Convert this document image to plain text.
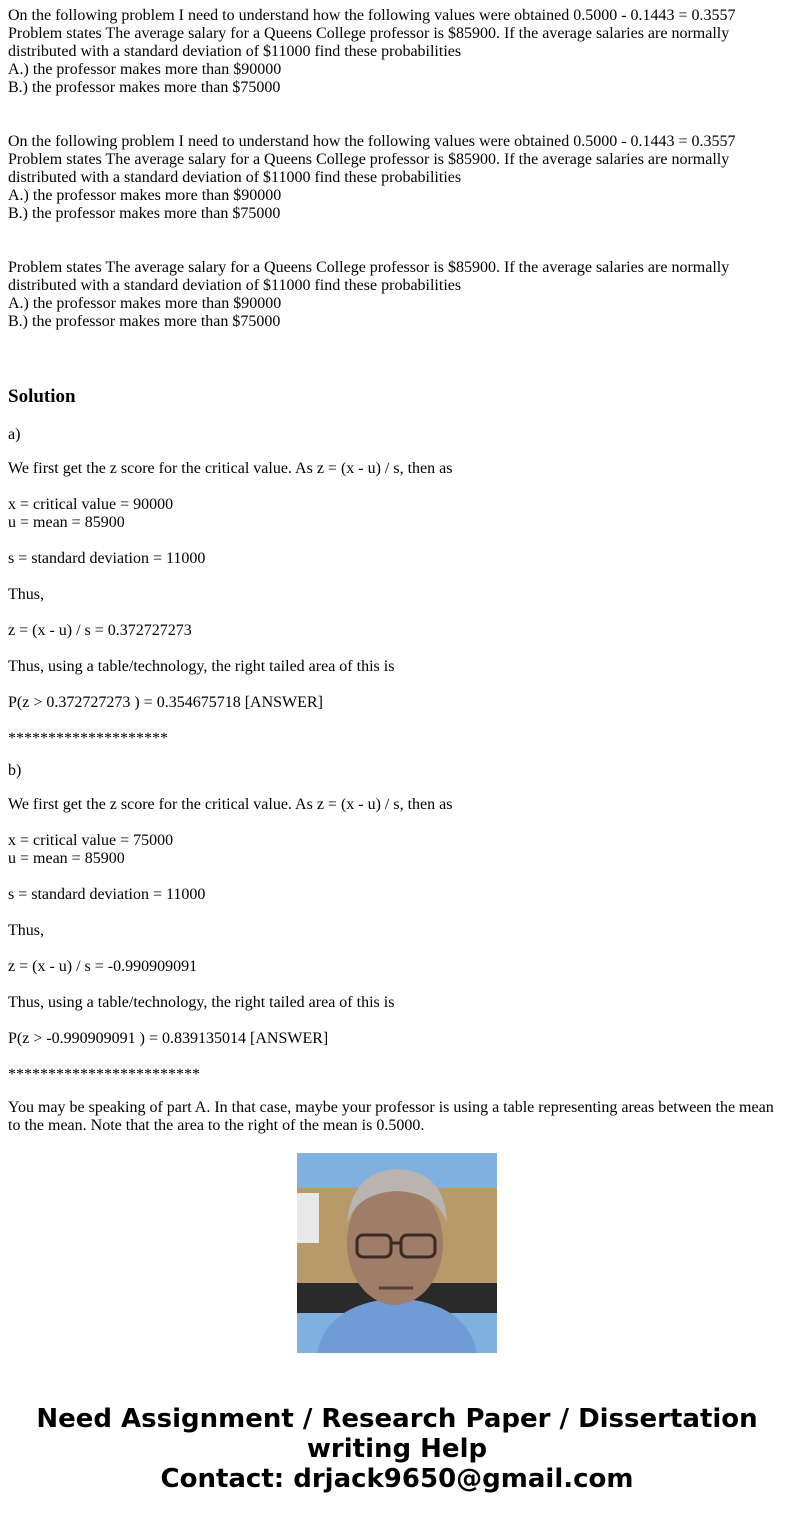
On the following problem I need to understand how the following values were obtained 0.5000 - 0.1443 = 0.3557
Problem states The average salary for a Queens College professor is $85900. If the average salaries are normally distributed with a standard deviation of $11000 find these probabilities
A.) the professor makes more than $90000
B.) the professor makes more than $75000
On the following problem I need to understand how the following values were obtained 0.5000 - 0.1443 = 0.3557
Problem states The average salary for a Queens College professor is $85900. If the average salaries are normally distributed with a standard deviation of $11000 find these probabilities
A.) the professor makes more than $90000
B.) the professor makes more than $75000
Problem states The average salary for a Queens College professor is $85900. If the average salaries are normally distributed with a standard deviation of $11000 find these probabilities
A.) the professor makes more than $90000
B.) the professor makes more than $75000
Solution
a)
We first get the z score for the critical value. As z = (x - u) / s, then as
x = critical value = 90000
u = mean = 85900
s = standard deviation = 11000
Thus,
z = (x - u) / s = 0.372727273
Thus, using a table/technology, the right tailed area of this is
P(z > 0.372727273 ) = 0.354675718 [ANSWER]
********************
b)
We first get the z score for the critical value. As z = (x - u) / s, then as
x = critical value = 75000
u = mean = 85900
s = standard deviation = 11000
Thus,
z = (x - u) / s = -0.990909091
Thus, using a table/technology, the right tailed area of this is
P(z > -0.990909091 ) = 0.839135014 [ANSWER]
************************
You may be speaking of part A. In that case, maybe your professor is using a table representing areas between the mean to the mean. Note that the area to the right of the mean is 0.5000.
Need Assignment / Research Paper / Dissertation
writing Help
Contact: drjack9650@gmail.com
